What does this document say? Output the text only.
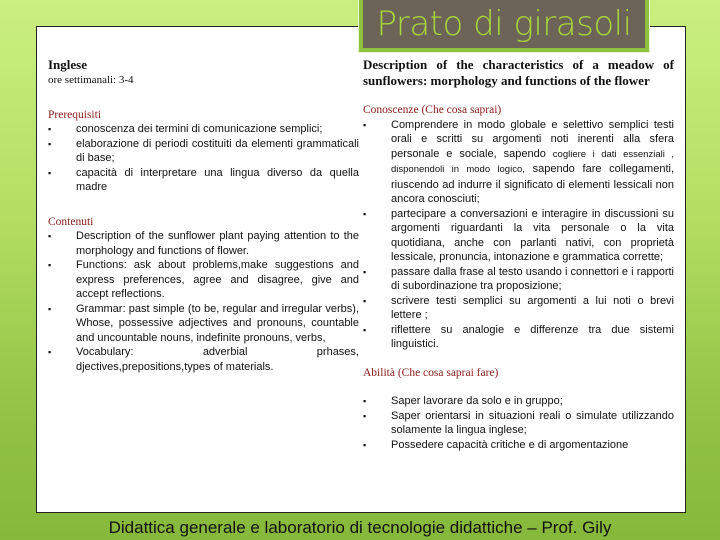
Prato di girasoli
Inglese
ore settimanali: 3-4
Prerequisiti
▪ conoscenza dei termini di comunicazione semplici;
▪ elaborazione di periodi costituiti da elementi grammaticali di base;
▪ capacità di interpretare una lingua diverso da quella madre
Contenuti
▪ Description of the sunflower plant paying attention to the morphology and functions of flower.
▪ Functions: ask about problems,make suggestions and express preferences, agree and disagree, give and accept reflections.
▪ Grammar: past simple (to be, regular and irregular verbs), Whose, possessive adjectives and pronouns, countable and uncountable nouns, indefinite pronouns, verbs,
▪ Vocabulary: adverbial prhases, djectives,prepositions,types of materials.
Description of the characteristics of a meadow of sunflowers: morphology and functions of the flower
Conoscenze (Che cosa saprai)
▪ Comprendere in modo globale e selettivo semplici testi orali e scritti su argomenti noti inerenti alla sfera personale e sociale, sapendo cogliere i dati essenziali , disponendoli in modo logico, sapendo fare collegamenti, riuscendo ad indurre il significato di elementi lessicali non ancora conosciuti;
▪ partecipare a conversazioni e interagire in discussioni su argomenti riguardanti la vita personale o la vita quotidiana, anche con parlanti nativi, con proprietà lessicale, pronuncia, intonazione e grammatica corrette;
▪ passare dalla frase al testo usando i connettori e i rapporti di subordinazione tra proposizione;
▪ scrivere testi semplici su argomenti a lui noti o brevi lettere ;
▪ riflettere su analogie e differenze tra due sistemi linguistici.
Abilità (Che cosa saprai fare)
▪ Saper lavorare da solo e in gruppo;
▪ Saper orientarsi in situazioni reali o simulate utilizzando solamente la lingua inglese;
▪ Possedere capacità critiche e di argomentazione
Didattica generale e laboratorio di tecnologie didattiche – Prof. Gily
